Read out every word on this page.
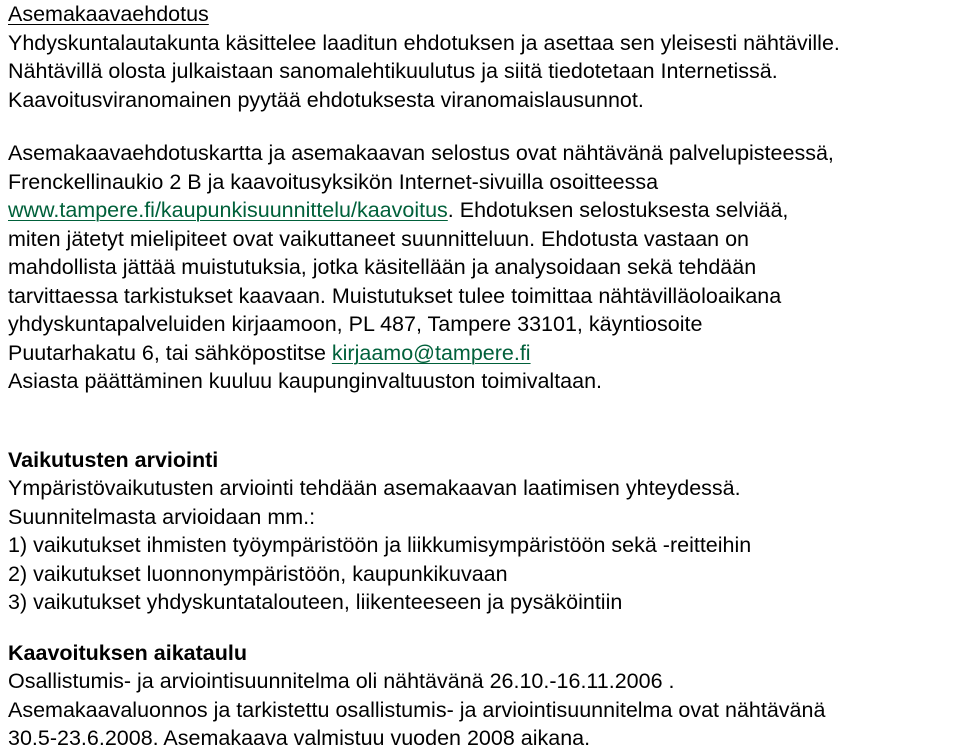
Asemakaavaehdotus
Yhdyskuntalautakunta käsittelee laaditun ehdotuksen ja asettaa sen yleisesti nähtäville.
Nähtävillä olosta julkaistaan sanomalehtikuulutus ja siitä tiedotetaan Internetissä.
Kaavoitusviranomainen pyytää ehdotuksesta viranomaislausunnot.
Asemakaavaehdotuskartta ja asemakaavan selostus ovat nähtävänä palvelupisteessä,
Frenckellinaukio 2 B ja kaavoitusyksikön Internet-sivuilla osoitteessa
www.tampere.fi/kaupunkisuunnittelu/kaavoitus. Ehdotuksen selostuksesta selviää,
miten jätetyt mielipiteet ovat vaikuttaneet suunnitteluun. Ehdotusta vastaan on
mahdollista jättää muistutuksia, jotka käsitellään ja analysoidaan sekä tehdään
tarvittaessa tarkistukset kaavaan. Muistutukset tulee toimittaa nähtävilläoloaikana
yhdyskuntapalveluiden kirjaamoon, PL 487, Tampere 33101, käyntiosoite
Puutarhakatu 6, tai sähköpostitse kirjaamo@tampere.fi
Asiasta päättäminen kuuluu kaupunginvaltuuston toimivaltaan.
Vaikutusten arviointi
Ympäristövaikutusten arviointi tehdään asemakaavan laatimisen yhteydessä.
Suunnitelmasta arvioidaan mm.:
1) vaikutukset ihmisten työympäristöön ja liikkumisympäristöön sekä -reitteihin
2) vaikutukset luonnonympäristöön, kaupunkikuvaan
3) vaikutukset yhdyskuntatalouteen, liikenteeseen ja pysäköintiin
Kaavoituksen aikataulu
Osallistumis- ja arviointisuunnitelma oli nähtävänä 26.10.-16.11.2006 .
Asemakaavaluonnos ja tarkistettu osallistumis- ja arviointisuunnitelma ovat nähtävänä
30.5-23.6.2008. Asemakaava valmistuu vuoden 2008 aikana.
